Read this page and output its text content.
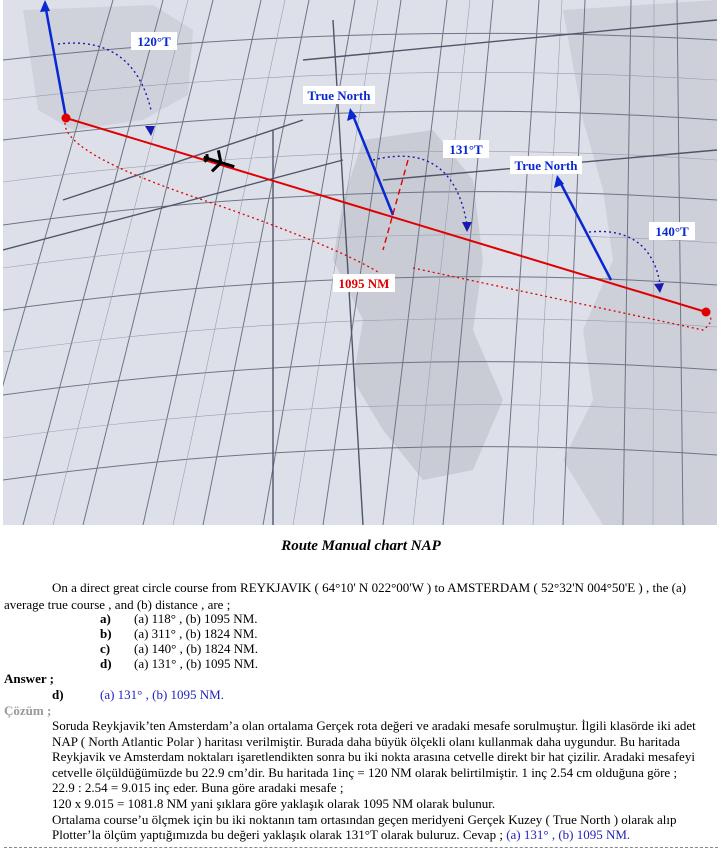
120°T
True North
131°T
True North
140°T
1095 NM
Route Manual chart NAP
On a direct great circle course from REYKJAVIK ( 64°10' N 022°00'W ) to AMSTERDAM ( 52°32'N 004°50'E ) , the (a) average true course , and (b) distance , are ;
a) (a) 118° , (b) 1095 NM.
b) (a) 311° , (b) 1824 NM.
c) (a) 140° , (b) 1824 NM.
d) (a) 131° , (b) 1095 NM.
Answer ;
d)	(a) 131° , (b) 1095 NM.
Çözüm ;
Soruda Reykjavik’ten Amsterdam’a olan ortalama Gerçek rota değeri ve aradaki mesafe sorulmuştur. İlgili klasörde iki adet NAP ( North Atlantic Polar ) haritası verilmiştir. Burada daha büyük ölçekli olanı kullanmak daha uygundur. Bu haritada Reykjavik ve Amsterdam noktaları işaretlendikten sonra bu iki nokta arasına cetvelle direkt bir hat çizilir. Aradaki mesafeyi cetvelle ölçüldüğümüzde bu 22.9 cm’dir. Bu haritada 1inç = 120 NM olarak belirtilmiştir. 1 inç 2.54 cm olduğuna göre ;
22.9 : 2.54 = 9.015 inç eder. Buna göre aradaki mesafe ;
120 x 9.015 = 1081.8 NM yani şıklara göre yaklaşık olarak 1095 NM olarak bulunur.
Ortalama course’u ölçmek için bu iki noktanın tam ortasından geçen meridyeni Gerçek Kuzey ( True North ) olarak alıp Plotter’la ölçüm yaptığımızda bu değeri yaklaşık olarak 131°T olarak buluruz. Cevap ; (a) 131° , (b) 1095 NM.
